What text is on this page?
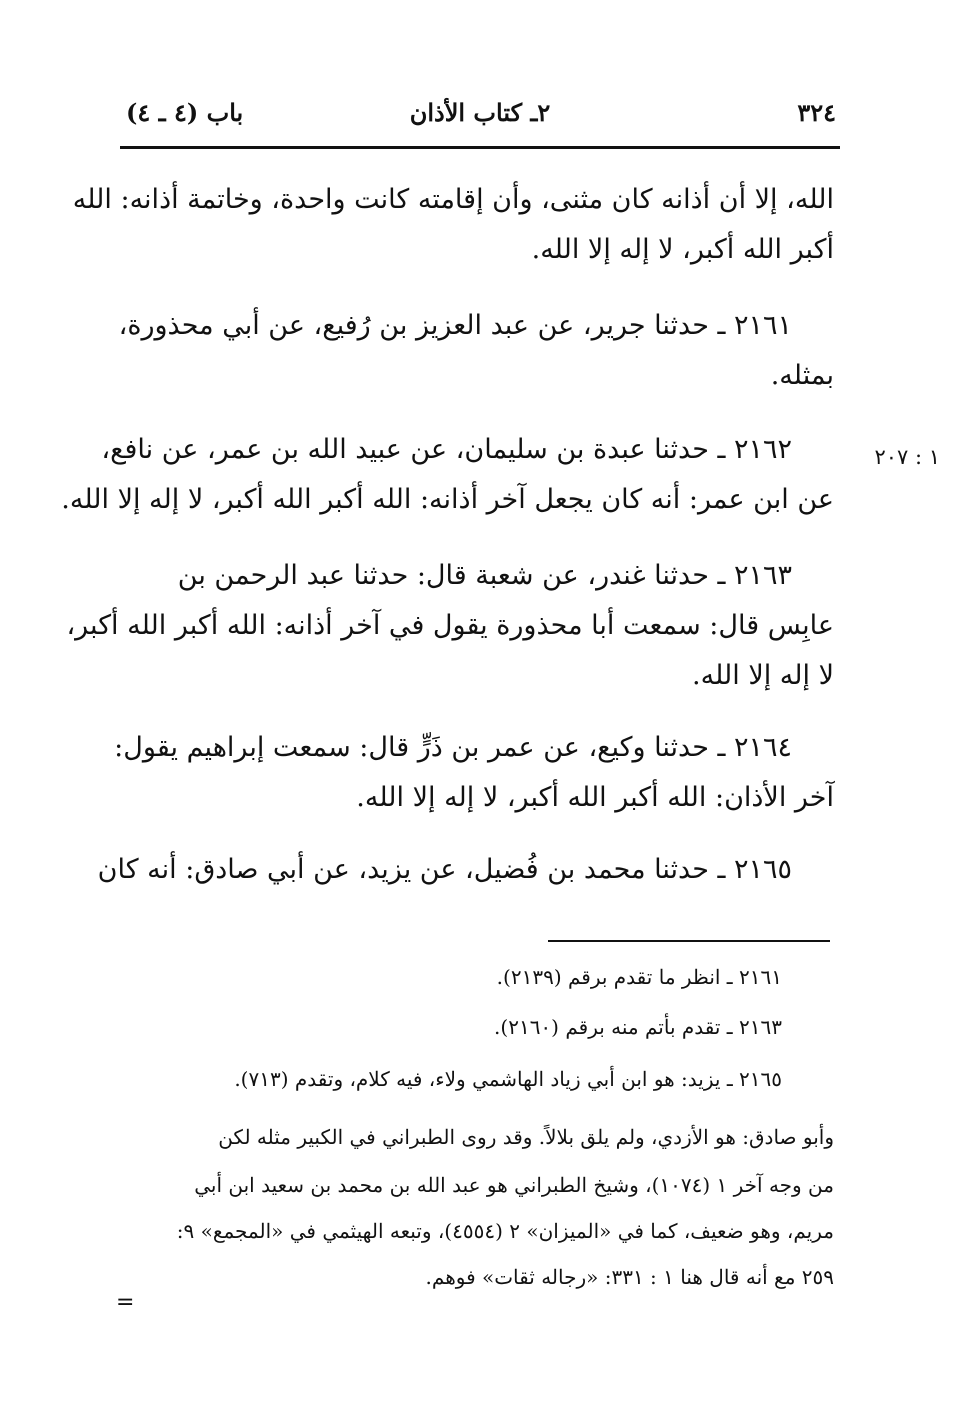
٣٢٤
٢ـ كتاب الأذان
باب (٤ ـ ٤)
١ : ٢٠٧
الله، إلا أن أذانه كان مثنى، وأن إقامته كانت واحدة، وخاتمة أذانه: الله
أكبر الله أكبر، لا إله إلا الله.
٢١٦١ ـ حدثنا جرير، عن عبد العزيز بن رُفيع، عن أبي محذورة،
بمثله.
٢١٦٢ ـ حدثنا عبدة بن سليمان، عن عبيد الله بن عمر، عن نافع،
عن ابن عمر: أنه كان يجعل آخر أذانه: الله أكبر الله أكبر، لا إله إلا الله.
٢١٦٣ ـ حدثنا غندر، عن شعبة قال: حدثنا عبد الرحمن بن
عابِس قال: سمعت أبا محذورة يقول في آخر أذانه: الله أكبر الله أكبر،
لا إله إلا الله.
٢١٦٤ ـ حدثنا وكيع، عن عمر بن ذَرٍّ قال: سمعت إبراهيم يقول:
آخر الأذان: الله أكبر الله أكبر، لا إله إلا الله.
٢١٦٥ ـ حدثنا محمد بن فُضيل، عن يزيد، عن أبي صادق: أنه كان
٢١٦١ ـ انظر ما تقدم برقم (٢١٣٩).
٢١٦٣ ـ تقدم بأتم منه برقم (٢١٦٠).
٢١٦٥ ـ يزيد: هو ابن أبي زياد الهاشمي ولاء، فيه كلام، وتقدم (٧١٣).
وأبو صادق: هو الأزدي، ولم يلق بلالاً. وقد روى الطبراني في الكبير مثله لكن
من وجه آخر ١ (١٠٧٤)، وشيخ الطبراني هو عبد الله بن محمد بن سعيد ابن أبي
مريم، وهو ضعيف، كما في «الميزان» ٢ (٤٥٥٤)، وتبعه الهيثمي في «المجمع» ٩:
٢٥٩ مع أنه قال هنا ١ : ٣٣١: «رجاله ثقات» فوهم.
=
